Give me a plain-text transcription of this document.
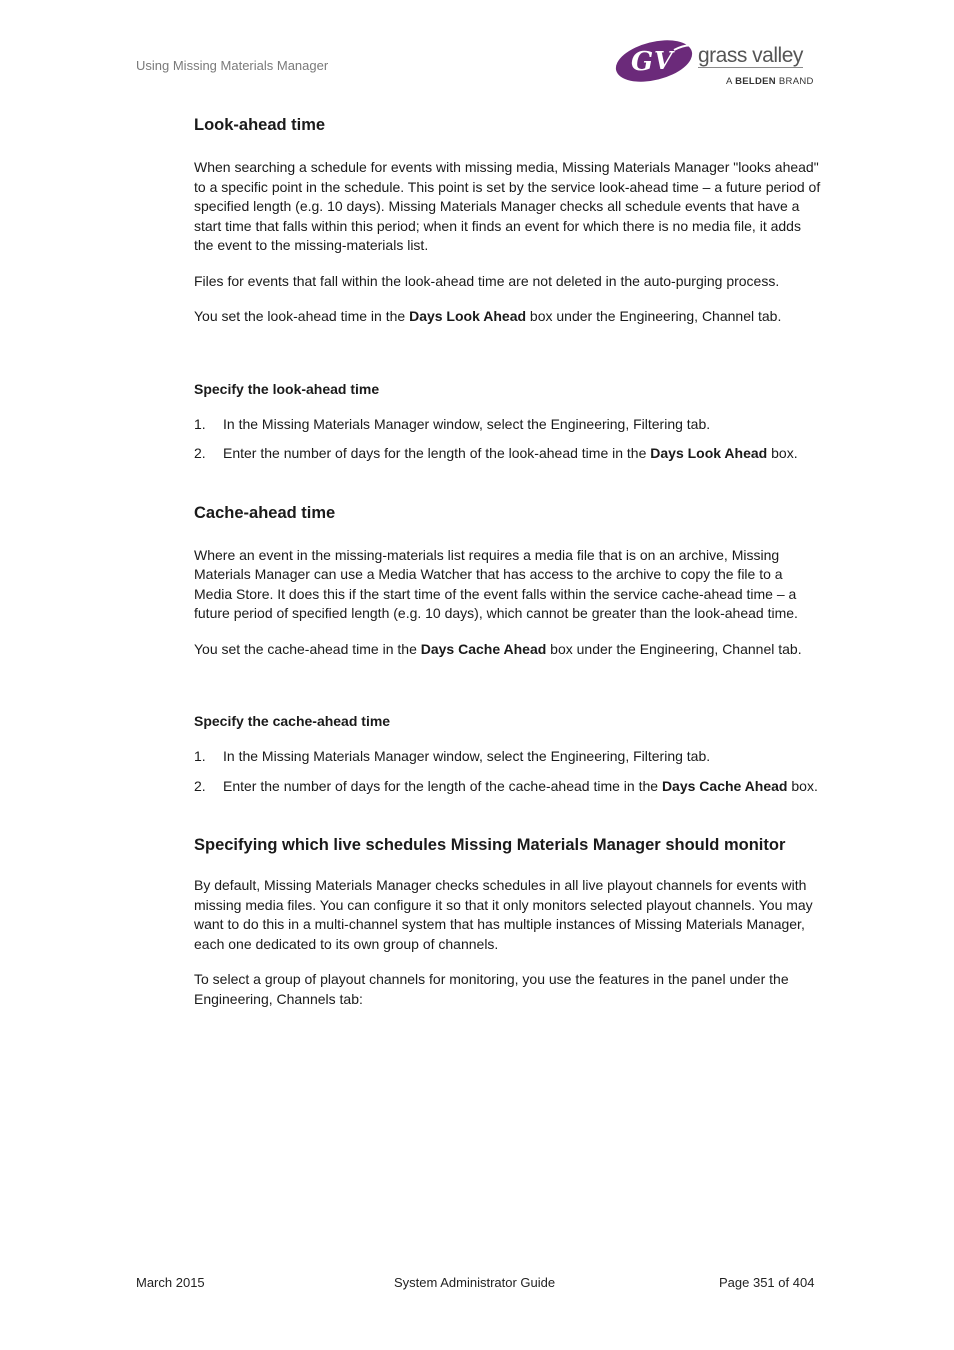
Using Missing Materials Manager	G V grass valley
A BELDEN BRAND
Look-ahead time

When searching a schedule for events with missing media, Missing Materials Manager "looks ahead" to a specific point in the schedule. This point is set by the service look-ahead time – a future period of specified length (e.g. 10 days). Missing Materials Manager checks all schedule events that have a start time that falls within this period; when it finds an event for which there is no media file, it adds the event to the missing-materials list.

Files for events that fall within the look-ahead time are not deleted in the auto-purging process.

You set the look-ahead time in the Days Look Ahead box under the Engineering, Channel tab.

Specify the look-ahead time
1. In the Missing Materials Manager window, select the Engineering, Filtering tab.
2. Enter the number of days for the length of the look-ahead time in the Days Look Ahead box.
Cache-ahead time

Where an event in the missing-materials list requires a media file that is on an archive, Missing Materials Manager can use a Media Watcher that has access to the archive to copy the file to a Media Store. It does this if the start time of the event falls within the service cache-ahead time – a future period of specified length (e.g. 10 days), which cannot be greater than the look-ahead time.

You set the cache-ahead time in the Days Cache Ahead box under the Engineering, Channel tab.

Specify the cache-ahead time
1. In the Missing Materials Manager window, select the Engineering, Filtering tab.
2. Enter the number of days for the length of the cache-ahead time in the Days Cache Ahead box.
Specifying which live schedules Missing Materials Manager should monitor

By default, Missing Materials Manager checks schedules in all live playout channels for events with missing media files. You can configure it so that it only monitors selected playout channels. You may want to do this in a multi-channel system that has multiple instances of Missing Materials Manager, each one dedicated to its own group of channels.

To select a group of playout channels for monitoring, you use the features in the panel under the Engineering, Channels tab:

March 2015	System Administrator Guide	Page 351 of 404
